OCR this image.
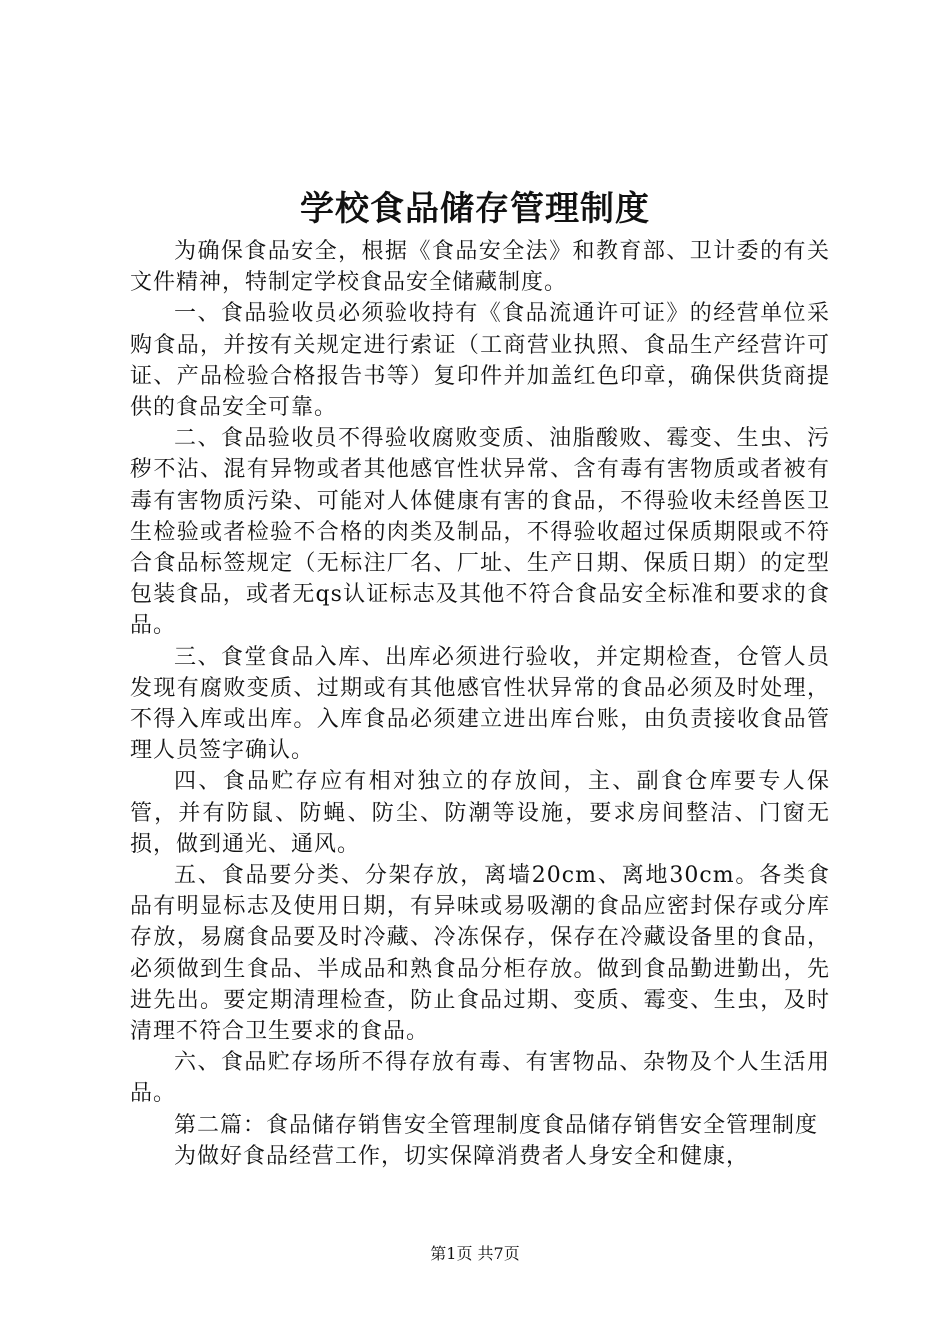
学校食品储存管理制度

为确保食品安全，根据《食品安全法》和教育部、卫计委的有关文件精神，特制定学校食品安全储藏制度。

一、食品验收员必须验收持有《食品流通许可证》的经营单位采购食品，并按有关规定进行索证（工商营业执照、食品生产经营许可证、产品检验合格报告书等）复印件并加盖红色印章，确保供货商提供的食品安全可靠。

二、食品验收员不得验收腐败变质、油脂酸败、霉变、生虫、污秽不沾、混有异物或者其他感官性状异常、含有毒有害物质或者被有毒有害物质污染、可能对人体健康有害的食品，不得验收未经兽医卫生检验或者检验不合格的肉类及制品，不得验收超过保质期限或不符合食品标签规定（无标注厂名、厂址、生产日期、保质日期）的定型包装食品，或者无qs认证标志及其他不符合食品安全标准和要求的食品。

三、食堂食品入库、出库必须进行验收，并定期检查，仓管人员发现有腐败变质、过期或有其他感官性状异常的食品必须及时处理，不得入库或出库。入库食品必须建立进出库台账，由负责接收食品管理人员签字确认。

四、食品贮存应有相对独立的存放间，主、副食仓库要专人保管，并有防鼠、防蝇、防尘、防潮等设施，要求房间整洁、门窗无损，做到通光、通风。

五、食品要分类、分架存放，离墙20cm、离地30cm。各类食品有明显标志及使用日期，有异味或易吸潮的食品应密封保存或分库存放，易腐食品要及时冷藏、冷冻保存，保存在冷藏设备里的食品，必须做到生食品、半成品和熟食品分柜存放。做到食品勤进勤出，先进先出。要定期清理检查，防止食品过期、变质、霉变、生虫，及时清理不符合卫生要求的食品。

六、食品贮存场所不得存放有毒、有害物品、杂物及个人生活用品。

第二篇：食品储存销售安全管理制度食品储存销售安全管理制度

为做好食品经营工作，切实保障消费者人身安全和健康，

第1页 共7页
